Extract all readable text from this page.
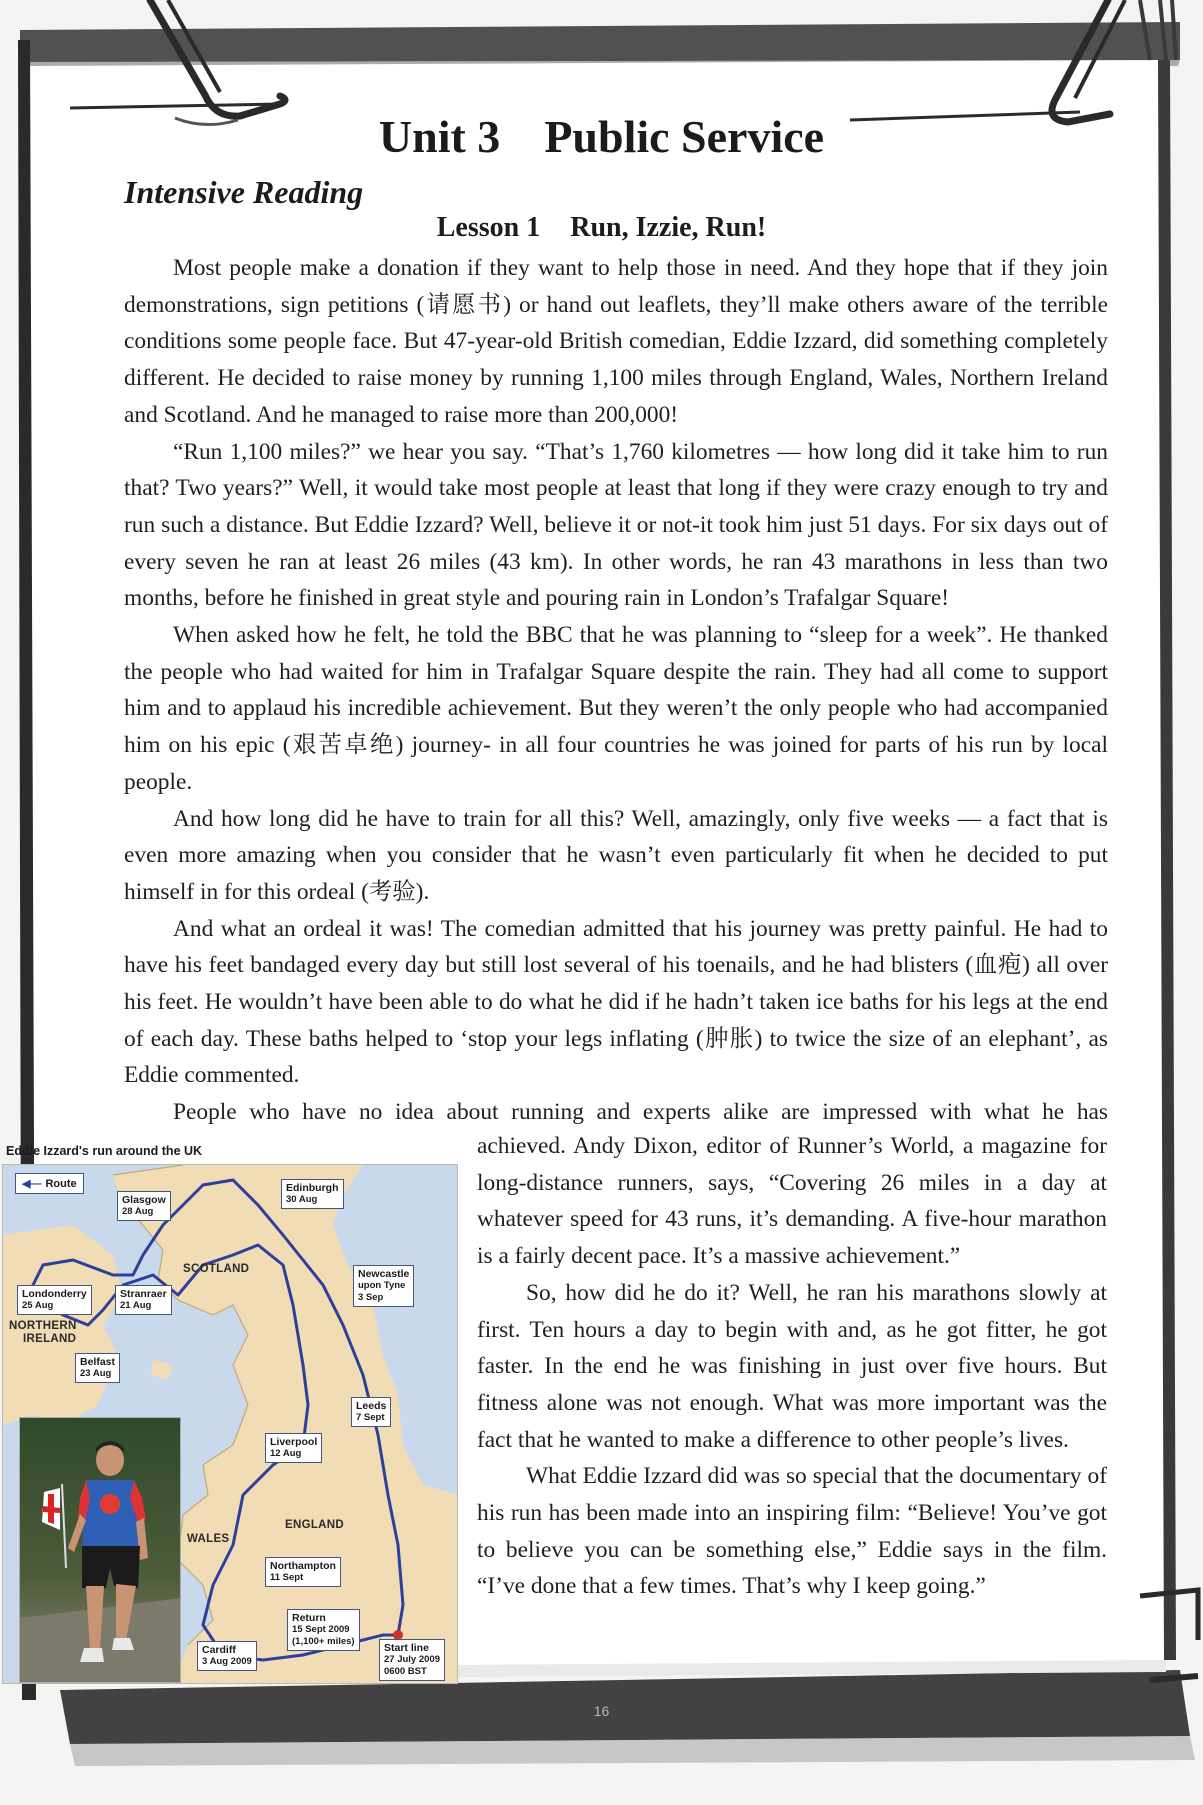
Unit 3 Public Service
Intensive Reading
Lesson 1 Run, Izzie, Run!

Most people make a donation if they want to help those in need. And they hope that if they join demonstrations, sign petitions (请愿书) or hand out leaflets, they’ll make others aware of the terrible conditions some people face. But 47-year-old British comedian, Eddie Izzard, did something completely different. He decided to raise money by running 1,100 miles through England, Wales, Northern Ireland and Scotland. And he managed to raise more than 200,000!

“Run 1,100 miles?” we hear you say. “That’s 1,760 kilometres — how long did it take him to run that? Two years?” Well, it would take most people at least that long if they were crazy enough to try and run such a distance. But Eddie Izzard? Well, believe it or not-it took him just 51 days. For six days out of every seven he ran at least 26 miles (43 km). In other words, he ran 43 marathons in less than two months, before he finished in great style and pouring rain in London’s Trafalgar Square!

When asked how he felt, he told the BBC that he was planning to “sleep for a week”. He thanked the people who had waited for him in Trafalgar Square despite the rain. They had all come to support him and to applaud his incredible achievement. But they weren’t the only people who had accompanied him on his epic (艰苦卓绝) journey- in all four countries he was joined for parts of his run by local people.

And how long did he have to train for all this? Well, amazingly, only five weeks — a fact that is even more amazing when you consider that he wasn’t even particularly fit when he decided to put himself in for this ordeal (考验).

And what an ordeal it was! The comedian admitted that his journey was pretty painful. He had to have his feet bandaged every day but still lost several of his toenails, and he had blisters (血疱) all over his feet. He wouldn’t have been able to do what he did if he hadn’t taken ice baths for his legs at the end of each day. These baths helped to ‘stop your legs inflating (肿胀) to twice the size of an elephant’, as Eddie commented.

People who have no idea about running and experts alike are impressed with what he has

achieved. Andy Dixon, editor of Runner’s World, a magazine for long-distance runners, says, “Covering 26 miles in a day at whatever speed for 43 runs, it’s demanding. A five-hour marathon is a fairly decent pace. It’s a massive achievement.”

So, how did he do it? Well, he ran his marathons slowly at first. Ten hours a day to begin with and, as he got fitter, he got faster. In the end he was finishing in just over five hours. But fitness alone was not enough. What was more important was the fact that he wanted to make a difference to other people’s lives.

What Eddie Izzard did was so special that the documentary of his run has been made into an inspiring film: “Believe! You’ve got to believe you can be something else,” Eddie says in the film. “I’ve done that a few times. That’s why I keep going.”

Eddie Izzard's run around the UK
◀— Route
SCOTLAND
NORTHERN
IRELAND
WALES
ENGLAND
Glasgow
28 Aug
Edinburgh
30 Aug
Londonderry
25 Aug
Stranraer
21 Aug
Newcastle
upon Tyne
3 Sep
Belfast
23 Aug
Leeds
7 Sept
Liverpool
12 Aug
Northampton
11 Sept
Return
15 Sept 2009
(1,100+ miles)
Cardiff
3 Aug 2009
Start line
27 July 2009
0600 BST
16
